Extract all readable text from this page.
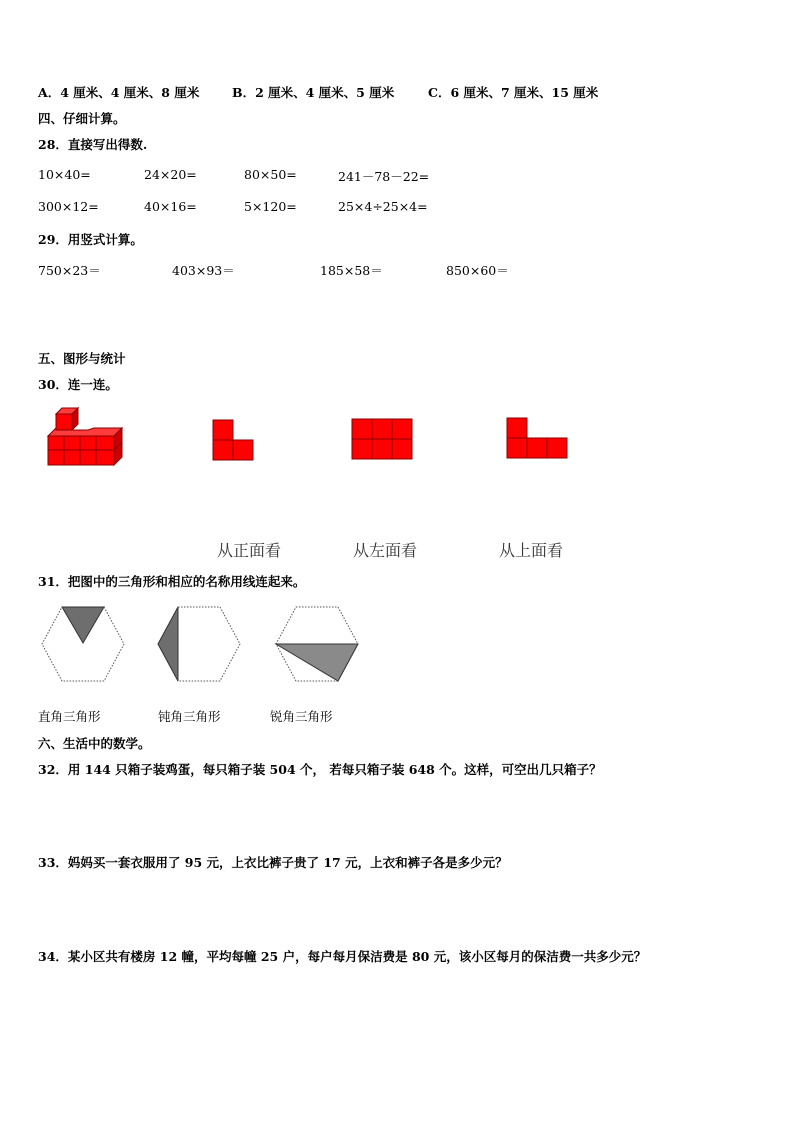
A．4 厘米、4 厘米、8 厘米	B．2 厘米、4 厘米、5 厘米	C．6 厘米、7 厘米、15 厘米
四、仔细计算。
28．直接写出得数.
10×40=	24×20=	80×50=	241－78－22=
300×12=	40×16=	5×120=	25×4÷25×4=
29．用竖式计算。
750×23＝	403×93＝	185×58＝	850×60＝
五、图形与统计
30．连一连。
从正面看	从左面看	从上面看
31．把图中的三角形和相应的名称用线连起来。
直角三角形	钝角三角形	锐角三角形
六、生活中的数学。
32．用 144 只箱子装鸡蛋，每只箱子装 504 个， 若每只箱子装 648 个。这样，可空出几只箱子？
33．妈妈买一套衣服用了 95 元，上衣比裤子贵了 17 元，上衣和裤子各是多少元？
34．某小区共有楼房 12 幢，平均每幢 25 户，每户每月保洁费是 80 元，该小区每月的保洁费一共多少元？
